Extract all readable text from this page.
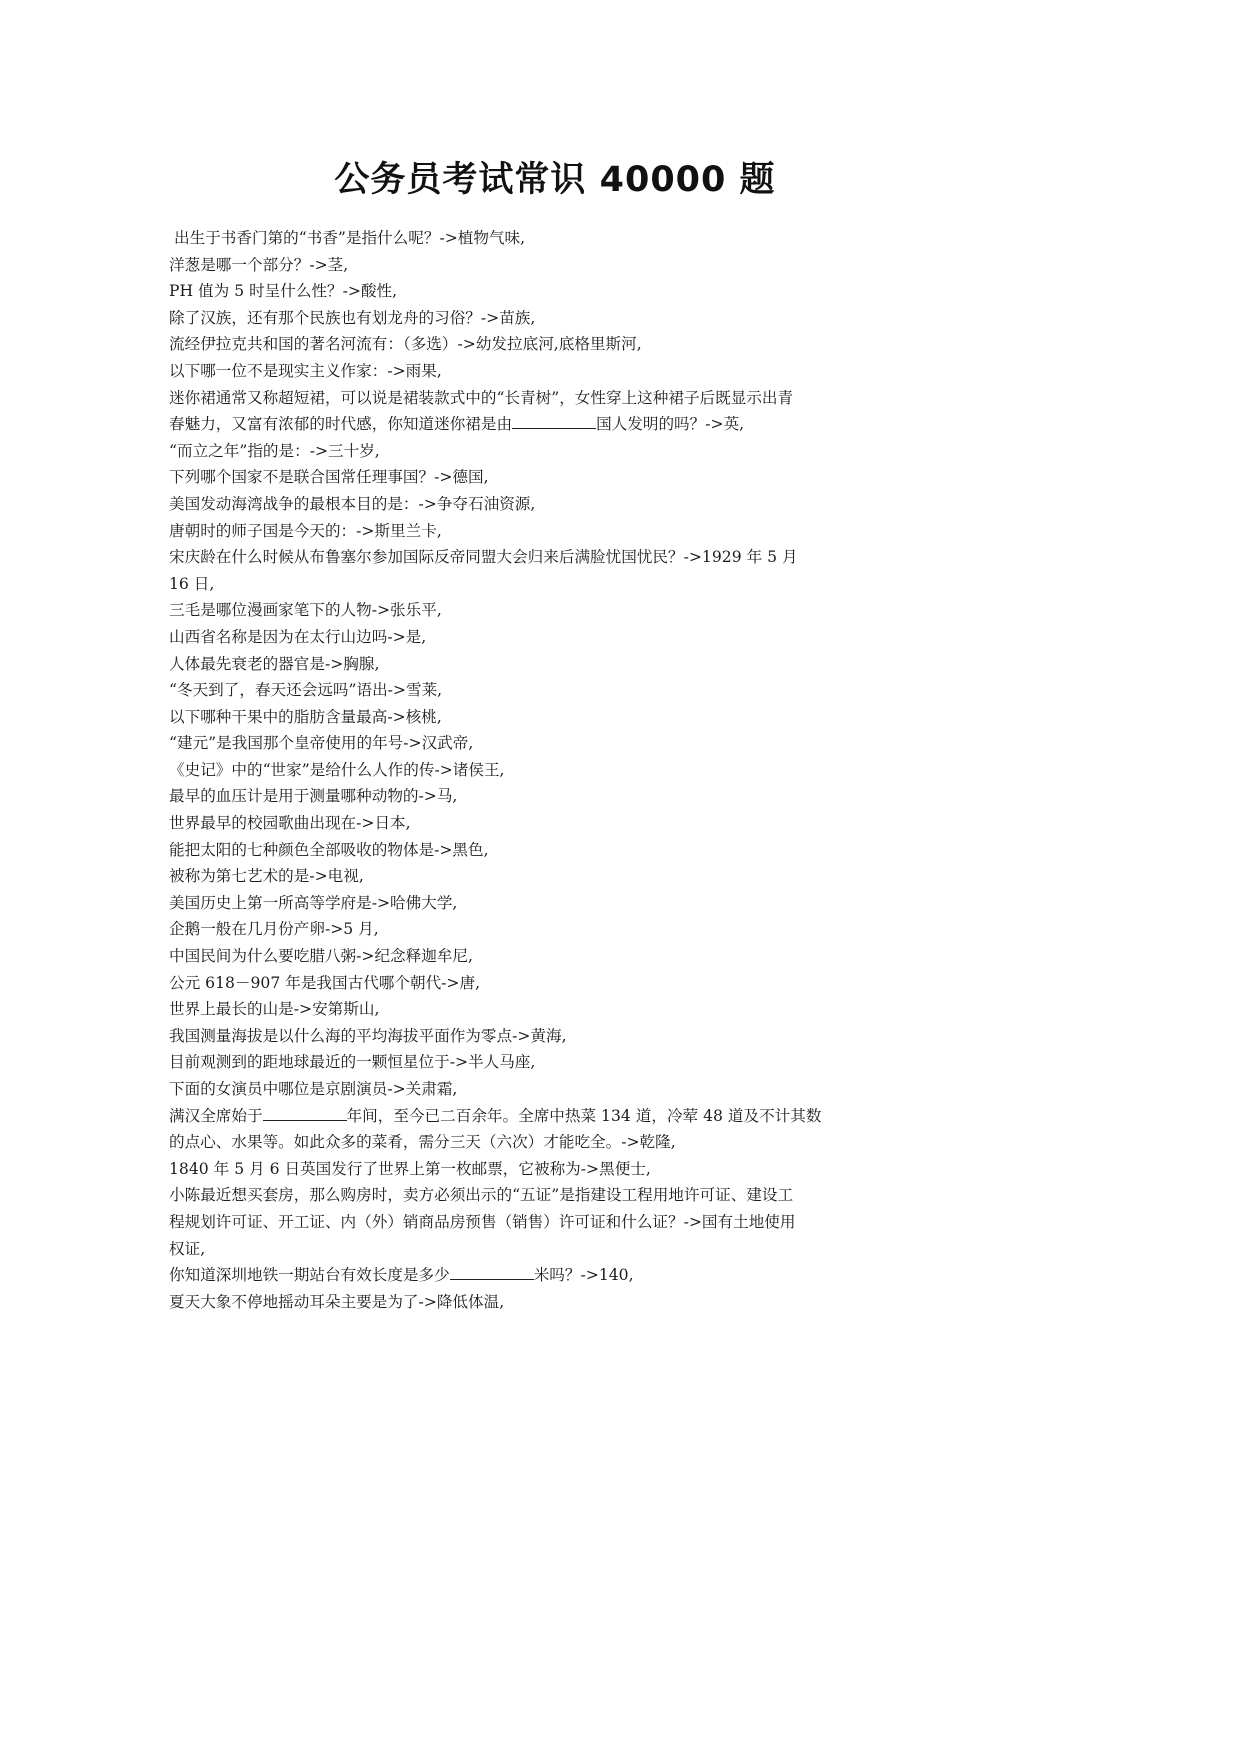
公务员考试常识 40000 题
出生于书香门第的“书香”是指什么呢？->植物气味,
洋葱是哪一个部分？->茎,
PH 值为 5 时呈什么性？->酸性,
除了汉族，还有那个民族也有划龙舟的习俗？->苗族,
流经伊拉克共和国的著名河流有：（多选）->幼发拉底河,底格里斯河,
以下哪一位不是现实主义作家：->雨果,
迷你裙通常又称超短裙，可以说是裙装款式中的“长青树”，女性穿上这种裙子后既显示出青
春魅力，又富有浓郁的时代感，你知道迷你裙是由	国人发明的吗？->英,
“而立之年”指的是：->三十岁,
下列哪个国家不是联合国常任理事国？->德国,
美国发动海湾战争的最根本目的是：->争夺石油资源,
唐朝时的师子国是今天的：->斯里兰卡,
宋庆龄在什么时候从布鲁塞尔参加国际反帝同盟大会归来后满脸忧国忧民？->1929 年 5 月
16 日,
三毛是哪位漫画家笔下的人物->张乐平,
山西省名称是因为在太行山边吗->是,
人体最先衰老的器官是->胸腺,
“冬天到了，春天还会远吗”语出->雪莱,
以下哪种干果中的脂肪含量最高->核桃,
“建元”是我国那个皇帝使用的年号->汉武帝,
《史记》中的“世家”是给什么人作的传->诸侯王,
最早的血压计是用于测量哪种动物的->马,
世界最早的校园歌曲出现在->日本,
能把太阳的七种颜色全部吸收的物体是->黑色,
被称为第七艺术的是->电视,
美国历史上第一所高等学府是->哈佛大学,
企鹅一般在几月份产卵->5 月,
中国民间为什么要吃腊八粥->纪念释迦牟尼,
公元 618－907 年是我国古代哪个朝代->唐,
世界上最长的山是->安第斯山,
我国测量海拔是以什么海的平均海拔平面作为零点->黄海,
目前观测到的距地球最近的一颗恒星位于->半人马座,
下面的女演员中哪位是京剧演员->关肃霜,
满汉全席始于	年间，至今已二百余年。全席中热菜 134 道，冷荤 48 道及不计其数
的点心、水果等。如此众多的菜肴，需分三天（六次）才能吃全。->乾隆,
1840 年 5 月 6 日英国发行了世界上第一枚邮票，它被称为->黑便士,
小陈最近想买套房，那么购房时，卖方必须出示的“五证”是指建设工程用地许可证、建设工
程规划许可证、开工证、内（外）销商品房预售（销售）许可证和什么证？->国有土地使用
权证,
你知道深圳地铁一期站台有效长度是多少	米吗？->140,
夏天大象不停地摇动耳朵主要是为了->降低体温,
